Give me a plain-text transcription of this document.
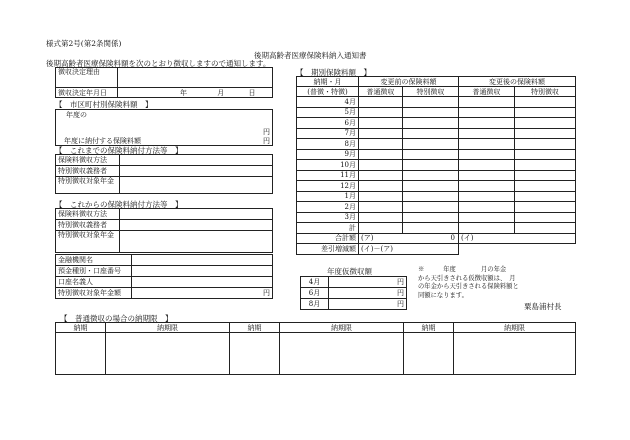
様式第2号(第2条関係)
後期高齢者医療保険料納入通知書
後期高齢者医療保険料額を次のとおり徴収しますので通知します。
徴収決定理由	
徴収決定年月日	年 月 日
【　市区町村別保険料額　】
年度の
円

年度に納付する保険料額	円
【　これまでの保険料納付方法等　】
保険料徴収方法	
特別徴収義務者	
特別徴収対象年金	
【　これからの保険料納付方法等　】
保険料徴収方法	
特別徴収義務者	
特別徴収対象年金	
金融機関名	
預金種別・口座番号	
口座名義人	
特別徴収対象年金額	円
【　期別保険料額　】
納期・月	変更前の保険料額		変更後の保険料額	
(普徴・特徴)	普通徴収	特別徴収	普通徴収	特別徴収
4月				
5月				
6月				
7月				
8月				
9月				
10月				
11月				
12月				
1月				
2月				
3月				
計				
合計額	(ア) 0		(イ)	
差引増減額	(イ)－(ア)			
年度仮徴収額
4月	円
6月	円
8月	円
※　　　年度　　　　月の年金
から天引きされる仮徴収額は、　月
の年金から天引きされる保険料額と
同額になります。
粟島浦村長
【　普通徴収の場合の納期限　】
納期	納期限	納期	納期限	納期	納期限
